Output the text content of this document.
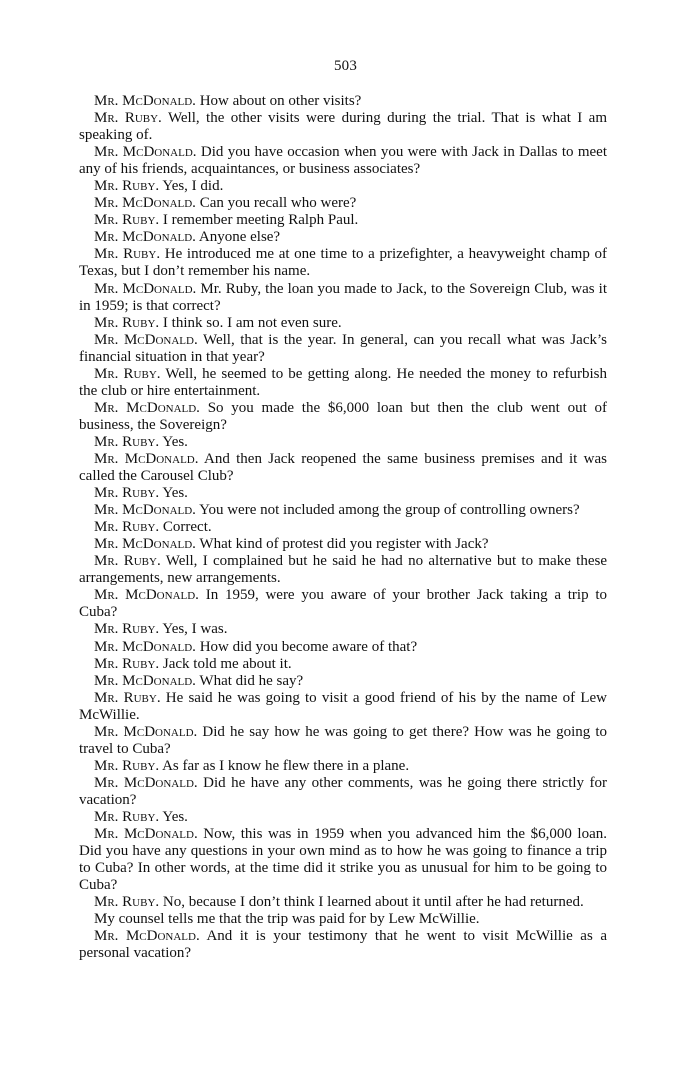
503

Mr. McDonald. How about on other visits?

Mr. Ruby. Well, the other visits were during during the trial. That is what I am speaking of.

Mr. McDonald. Did you have occasion when you were with Jack in Dallas to meet any of his friends, acquaintances, or business associates?

Mr. Ruby. Yes, I did.

Mr. McDonald. Can you recall who were?

Mr. Ruby. I remember meeting Ralph Paul.

Mr. McDonald. Anyone else?

Mr. Ruby. He introduced me at one time to a prizefighter, a heavyweight champ of Texas, but I don’t remember his name.

Mr. McDonald. Mr. Ruby, the loan you made to Jack, to the Sovereign Club, was it in 1959; is that correct?

Mr. Ruby. I think so. I am not even sure.

Mr. McDonald. Well, that is the year. In general, can you recall what was Jack’s financial situation in that year?

Mr. Ruby. Well, he seemed to be getting along. He needed the money to refurbish the club or hire entertainment.

Mr. McDonald. So you made the $6,000 loan but then the club went out of business, the Sovereign?

Mr. Ruby. Yes.

Mr. McDonald. And then Jack reopened the same business premises and it was called the Carousel Club?

Mr. Ruby. Yes.

Mr. McDonald. You were not included among the group of controlling owners?

Mr. Ruby. Correct.

Mr. McDonald. What kind of protest did you register with Jack?

Mr. Ruby. Well, I complained but he said he had no alternative but to make these arrangements, new arrangements.

Mr. McDonald. In 1959, were you aware of your brother Jack taking a trip to Cuba?

Mr. Ruby. Yes, I was.

Mr. McDonald. How did you become aware of that?

Mr. Ruby. Jack told me about it.

Mr. McDonald. What did he say?

Mr. Ruby. He said he was going to visit a good friend of his by the name of Lew McWillie.

Mr. McDonald. Did he say how he was going to get there? How was he going to travel to Cuba?

Mr. Ruby. As far as I know he flew there in a plane.

Mr. McDonald. Did he have any other comments, was he going there strictly for vacation?

Mr. Ruby. Yes.

Mr. McDonald. Now, this was in 1959 when you advanced him the $6,000 loan. Did you have any questions in your own mind as to how he was going to finance a trip to Cuba? In other words, at the time did it strike you as unusual for him to be going to Cuba?

Mr. Ruby. No, because I don’t think I learned about it until after he had returned.

My counsel tells me that the trip was paid for by Lew McWillie.

Mr. McDonald. And it is your testimony that he went to visit McWillie as a personal vacation?
